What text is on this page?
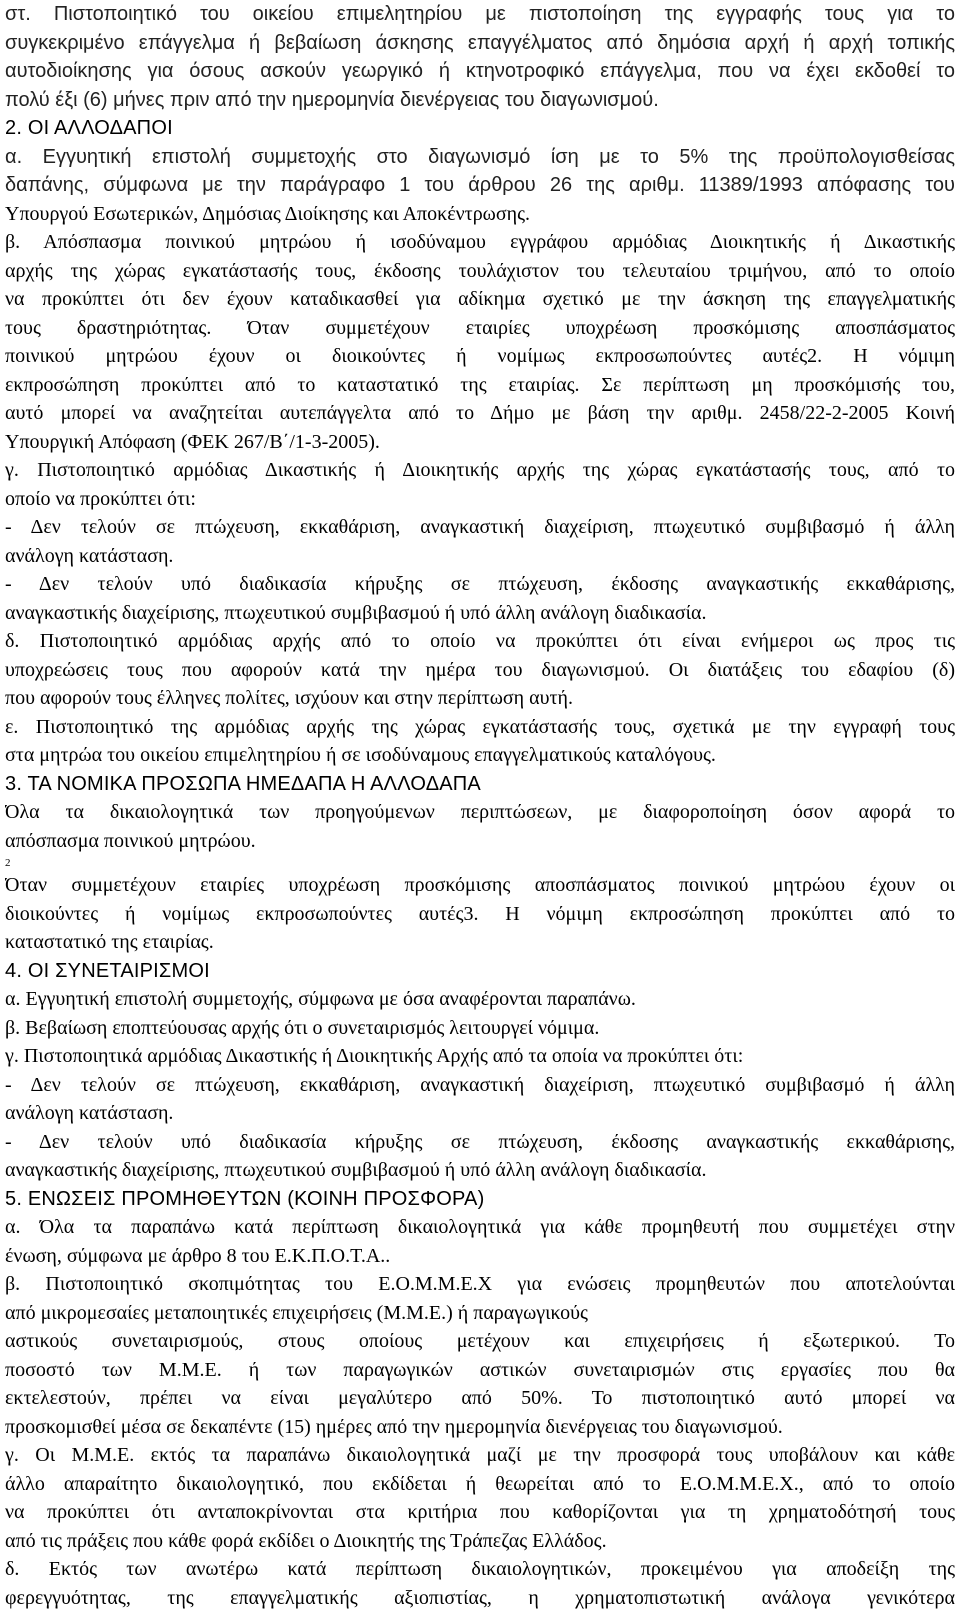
στ. Πιστοποιητικό του οικείου επιμελητηρίου με πιστοποίηση της εγγραφής τους για το
συγκεκριμένο επάγγελμα ή βεβαίωση άσκησης επαγγέλματος από δημόσια αρχή ή αρχή τοπικής
αυτοδιοίκησης για όσους ασκούν γεωργικό ή κτηνοτροφικό επάγγελμα, που να έχει εκδοθεί το
πολύ έξι (6) μήνες πριν από την ημερομηνία διενέργειας του διαγωνισμού.
2. ΟΙ ΑΛΛΟΔΑΠΟΙ
α. Εγγυητική επιστολή συμμετοχής στο διαγωνισμό ίση με το 5% της προϋπολογισθείσας
δαπάνης, σύμφωνα με την παράγραφο 1 του άρθρου 26 της αριθμ. 11389/1993 απόφασης του
Υπουργού Εσωτερικών, Δημόσιας Διοίκησης και Αποκέντρωσης.
β. Απόσπασμα ποινικού μητρώου ή ισοδύναμου εγγράφου αρμόδιας Διοικητικής ή Δικαστικής
αρχής της χώρας εγκατάστασής τους, έκδοσης τουλάχιστον του τελευταίου τριμήνου, από το οποίο
να προκύπτει ότι δεν έχουν καταδικασθεί για αδίκημα σχετικό με την άσκηση της επαγγελματικής
τους δραστηριότητας. Όταν συμμετέχουν εταιρίες υποχρέωση προσκόμισης αποσπάσματος
ποινικού μητρώου έχουν οι διοικούντες ή νομίμως εκπροσωπούντες αυτές2. Η νόμιμη
εκπροσώπηση προκύπτει από το καταστατικό της εταιρίας. Σε περίπτωση μη προσκόμισής του,
αυτό μπορεί να αναζητείται αυτεπάγγελτα από το Δήμο με βάση την αριθμ. 2458/22-2-2005 Κοινή
Υπουργική Απόφαση (ΦΕΚ 267/Β΄/1-3-2005).
γ. Πιστοποιητικό αρμόδιας Δικαστικής ή Διοικητικής αρχής της χώρας εγκατάστασής τους, από το
οποίο να προκύπτει ότι:
- Δεν τελούν σε πτώχευση, εκκαθάριση, αναγκαστική διαχείριση, πτωχευτικό συμβιβασμό ή άλλη
ανάλογη κατάσταση.
- Δεν τελούν υπό διαδικασία κήρυξης σε πτώχευση, έκδοσης αναγκαστικής εκκαθάρισης,
αναγκαστικής διαχείρισης, πτωχευτικού συμβιβασμού ή υπό άλλη ανάλογη διαδικασία.
δ. Πιστοποιητικό αρμόδιας αρχής από το οποίο να προκύπτει ότι είναι ενήμεροι ως προς τις
υποχρεώσεις τους που αφορούν κατά την ημέρα του διαγωνισμού. Οι διατάξεις του εδαφίου (δ)
που αφορούν τους έλληνες πολίτες, ισχύουν και στην περίπτωση αυτή.
ε. Πιστοποιητικό της αρμόδιας αρχής της χώρας εγκατάστασής τους, σχετικά με την εγγραφή τους
στα μητρώα του οικείου επιμελητηρίου ή σε ισοδύναμους επαγγελματικούς καταλόγους.
3. ΤΑ ΝΟΜΙΚΑ ΠΡΟΣΩΠΑ ΗΜΕΔΑΠΑ Η ΑΛΛΟΔΑΠΑ
Όλα τα δικαιολογητικά των προηγούμενων περιπτώσεων, με διαφοροποίηση όσον αφορά το
απόσπασμα ποινικού μητρώου.
2
Όταν συμμετέχουν εταιρίες υποχρέωση προσκόμισης αποσπάσματος ποινικού μητρώου έχουν οι
διοικούντες ή νομίμως εκπροσωπούντες αυτές3. Η νόμιμη εκπροσώπηση προκύπτει από το
καταστατικό της εταιρίας.
4. ΟΙ ΣΥΝΕΤΑΙΡΙΣΜΟΙ
α. Εγγυητική επιστολή συμμετοχής, σύμφωνα με όσα αναφέρονται παραπάνω.
β. Βεβαίωση εποπτεύουσας αρχής ότι ο συνεταιρισμός λειτουργεί νόμιμα.
γ. Πιστοποιητικά αρμόδιας Δικαστικής ή Διοικητικής Αρχής από τα οποία να προκύπτει ότι:
- Δεν τελούν σε πτώχευση, εκκαθάριση, αναγκαστική διαχείριση, πτωχευτικό συμβιβασμό ή άλλη
ανάλογη κατάσταση.
- Δεν τελούν υπό διαδικασία κήρυξης σε πτώχευση, έκδοσης αναγκαστικής εκκαθάρισης,
αναγκαστικής διαχείρισης, πτωχευτικού συμβιβασμού ή υπό άλλη ανάλογη διαδικασία.
5. ΕΝΩΣΕΙΣ ΠΡΟΜΗΘΕΥΤΩΝ (ΚΟΙΝΗ ΠΡΟΣΦΟΡΑ)
α. Όλα τα παραπάνω κατά περίπτωση δικαιολογητικά για κάθε προμηθευτή που συμμετέχει στην
ένωση, σύμφωνα με άρθρο 8 του Ε.Κ.Π.Ο.Τ.Α..
β. Πιστοποιητικό σκοπιμότητας του Ε.Ο.Μ.Μ.Ε.Χ για ενώσεις προμηθευτών που αποτελούνται
από μικρομεσαίες μεταποιητικές επιχειρήσεις (Μ.Μ.Ε.) ή παραγωγικούς
αστικούς συνεταιρισμούς, στους οποίους μετέχουν και επιχειρήσεις ή εξωτερικού. Το
ποσοστό των Μ.Μ.Ε. ή των παραγωγικών αστικών συνεταιρισμών στις εργασίες που θα
εκτελεστούν, πρέπει να είναι μεγαλύτερο από 50%. Το πιστοποιητικό αυτό μπορεί να
προσκομισθεί μέσα σε δεκαπέντε (15) ημέρες από την ημερομηνία διενέργειας του διαγωνισμού.
γ. Οι Μ.Μ.Ε. εκτός τα παραπάνω δικαιολογητικά μαζί με την προσφορά τους υποβάλουν και κάθε
άλλο απαραίτητο δικαιολογητικό, που εκδίδεται ή θεωρείται από το Ε.Ο.Μ.Μ.Ε.Χ., από το οποίο
να προκύπτει ότι ανταποκρίνονται στα κριτήρια που καθορίζονται για τη χρηματοδότησή τους
από τις πράξεις που κάθε φορά εκδίδει ο Διοικητής της Τράπεζας Ελλάδος.
δ. Εκτός των ανωτέρω κατά περίπτωση δικαιολογητικών, προκειμένου για αποδείξη της
φερεγγυότητας, της επαγγελματικής αξιοπιστίας, η χρηματοπιστωτική ανάλογα γενικότερα
